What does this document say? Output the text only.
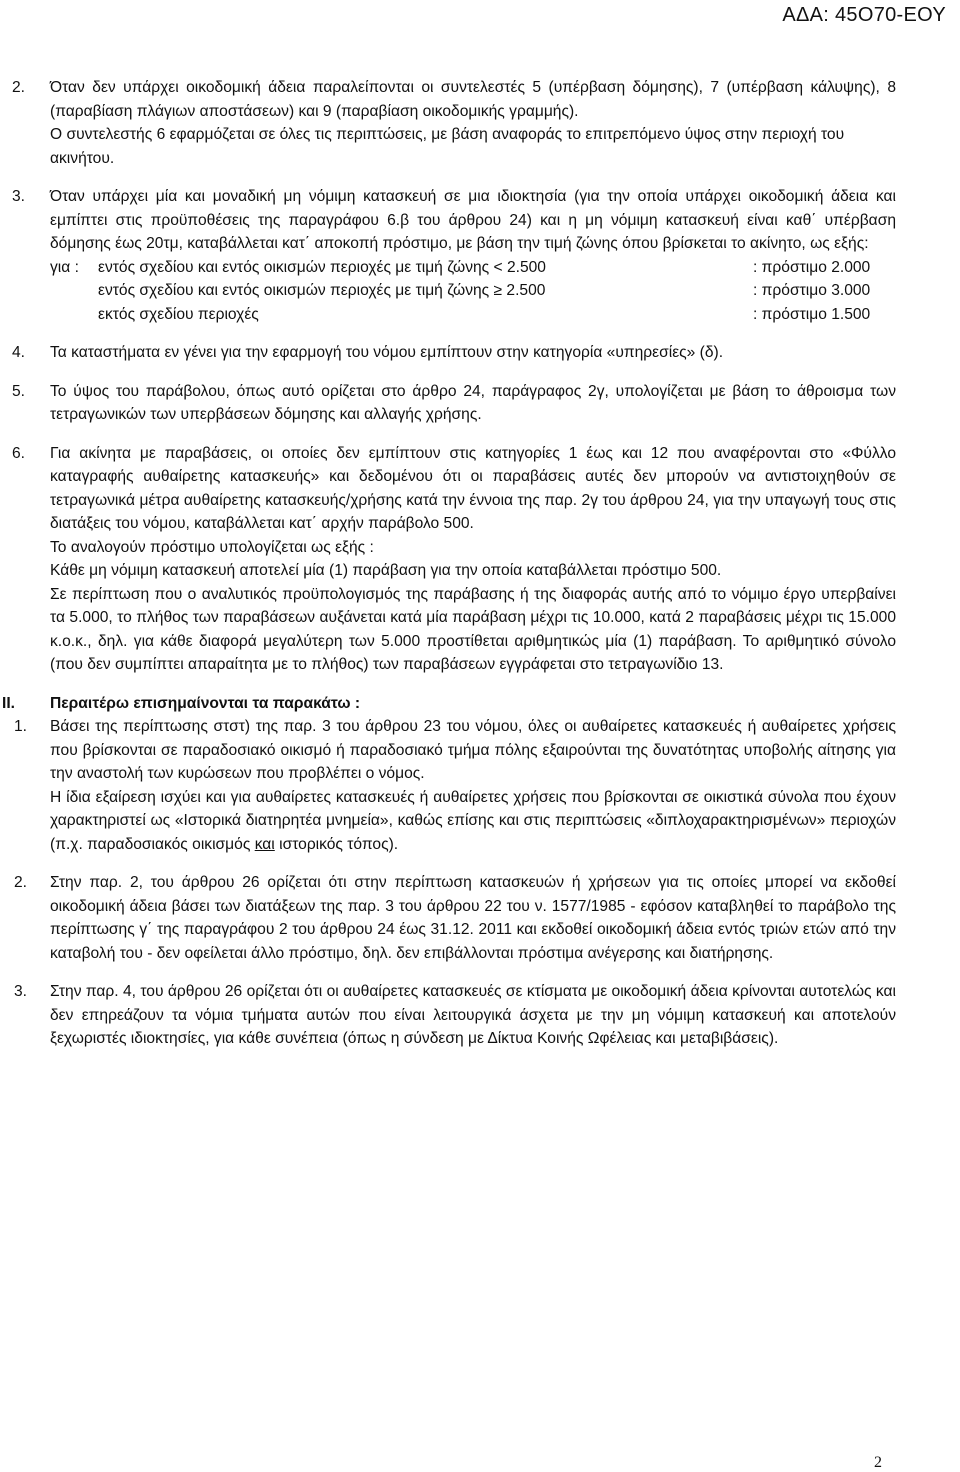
ΑΔΑ: 45Ο70-ΕΟΥ
2. Όταν δεν υπάρχει οικοδομική άδεια παραλείπονται οι συντελεστές 5 (υπέρβαση δόμησης), 7 (υπέρβαση κάλυψης), 8 (παραβίαση πλάγιων αποστάσεων) και 9 (παραβίαση οικοδομικής γραμμής).

Ο συντελεστής 6 εφαρμόζεται σε όλες τις περιπτώσεις, με βάση αναφοράς το επιτρεπόμενο ύψος στην περιοχή του ακινήτου.

3. Όταν υπάρχει μία και μοναδική μη νόμιμη κατασκευή σε μια ιδιοκτησία (για την οποία υπάρχει οικοδομική άδεια και εμπίπτει στις προϋποθέσεις της παραγράφου 6.β του άρθρου 24) και η μη νόμιμη κατασκευή είναι καθ΄ υπέρβαση δόμησης έως 20τμ, καταβάλλεται κατ΄ αποκοπή πρόστιμο, με βάση την τιμή ζώνης όπου βρίσκεται το ακίνητο, ως εξής:

για :	εντός σχεδίου και εντός οικισμών περιοχές με τιμή ζώνης < 2.500	: πρόστιμο 2.000
	εντός σχεδίου και εντός οικισμών περιοχές με τιμή ζώνης ≥ 2.500	: πρόστιμο 3.000
	εκτός σχεδίου περιοχές	: πρόστιμο 1.500
4. Τα καταστήματα εν γένει για την εφαρμογή του νόμου εμπίπτουν στην κατηγορία «υπηρεσίες» (δ).

5. Το ύψος του παράβολου, όπως αυτό ορίζεται στο άρθρο 24, παράγραφος 2γ, υπολογίζεται με βάση το άθροισμα των τετραγωνικών των υπερβάσεων δόμησης και αλλαγής χρήσης.

6. Για ακίνητα με παραβάσεις, οι οποίες δεν εμπίπτουν στις κατηγορίες 1 έως και 12 που αναφέρονται στο «Φύλλο καταγραφής αυθαίρετης κατασκευής» και δεδομένου ότι οι παραβάσεις αυτές δεν μπορούν να αντιστοιχηθούν σε τετραγωνικά μέτρα αυθαίρετης κατασκευής/χρήσης κατά την έννοια της παρ. 2γ του άρθρου 24, για την υπαγωγή τους στις διατάξεις του νόμου, καταβάλλεται κατ΄ αρχήν παράβολο 500.

Το αναλογούν πρόστιμο υπολογίζεται ως εξής :

Κάθε μη νόμιμη κατασκευή αποτελεί μία (1) παράβαση για την οποία καταβάλλεται πρόστιμο 500.

Σε περίπτωση που ο αναλυτικός προϋπολογισμός της παράβασης ή της διαφοράς αυτής από το νόμιμο έργο υπερβαίνει τα 5.000, το πλήθος των παραβάσεων αυξάνεται κατά μία παράβαση μέχρι τις 10.000, κατά 2 παραβάσεις μέχρι τις 15.000 κ.ο.κ., δηλ. για κάθε διαφορά μεγαλύτερη των 5.000 προστίθεται αριθμητικώς μία (1) παράβαση. Το αριθμητικό σύνολο (που δεν συμπίπτει απαραίτητα με το πλήθος) των παραβάσεων εγγράφεται στο τετραγωνίδιο 13.

ΙΙ. Περαιτέρω επισημαίνονται τα παρακάτω :

1. Βάσει της περίπτωσης στστ) της παρ. 3 του άρθρου 23 του νόμου, όλες οι αυθαίρετες κατασκευές ή αυθαίρετες χρήσεις που βρίσκονται σε παραδοσιακό οικισμό ή παραδοσιακό τμήμα πόλης εξαιρούνται της δυνατότητας υποβολής αίτησης για την αναστολή των κυρώσεων που προβλέπει ο νόμος.

Η ίδια εξαίρεση ισχύει και για αυθαίρετες κατασκευές ή αυθαίρετες χρήσεις που βρίσκονται σε οικιστικά σύνολα που έχουν χαρακτηριστεί ως «Ιστορικά διατηρητέα μνημεία», καθώς επίσης και στις περιπτώσεις «διπλοχαρακτηρισμένων» περιοχών (π.χ. παραδοσιακός οικισμός και ιστορικός τόπος).

2. Στην παρ. 2, του άρθρου 26 ορίζεται ότι στην περίπτωση κατασκευών ή χρήσεων για τις οποίες μπορεί να εκδοθεί οικοδομική άδεια βάσει των διατάξεων της παρ. 3 του άρθρου 22 του ν. 1577/1985 - εφόσον καταβληθεί το παράβολο της περίπτωσης γ΄ της παραγράφου 2 του άρθρου 24 έως 31.12. 2011 και εκδοθεί οικοδομική άδεια εντός τριών ετών από την καταβολή του - δεν οφείλεται άλλο πρόστιμο, δηλ. δεν επιβάλλονται πρόστιμα ανέγερσης και διατήρησης.

3. Στην παρ. 4, του άρθρου 26 ορίζεται ότι οι αυθαίρετες κατασκευές σε κτίσματα με οικοδομική άδεια κρίνονται αυτοτελώς και δεν επηρεάζουν τα νόμια τμήματα αυτών που είναι λειτουργικά άσχετα με την μη νόμιμη κατασκευή και αποτελούν ξεχωριστές ιδιοκτησίες, για κάθε συνέπεια (όπως η σύνδεση με Δίκτυα Κοινής Ωφέλειας και μεταβιβάσεις).

2
